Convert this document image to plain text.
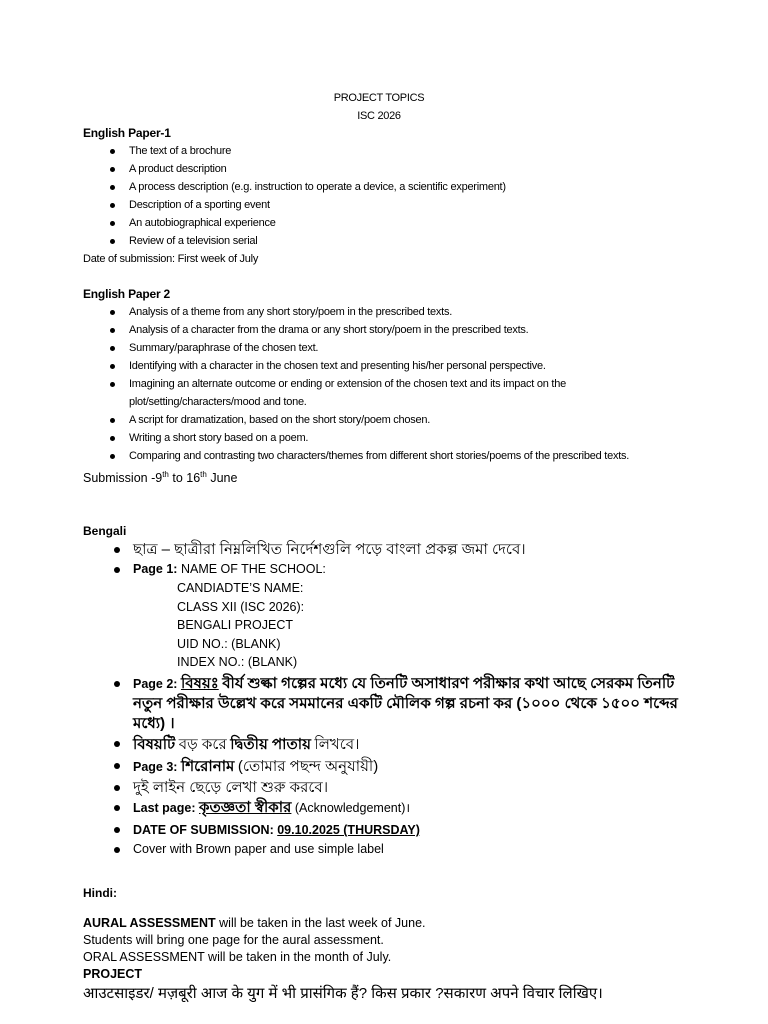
PROJECT TOPICS
ISC 2026
English Paper-1
The text of a brochure
A product description
A process description (e.g. instruction to operate a device, a scientific experiment)
Description of a sporting event
An autobiographical experience
Review of a television serial
Date of submission: First week of July
English Paper 2
Analysis of a theme from any short story/poem in the prescribed texts.
Analysis of a character from the drama or any short story/poem in the prescribed texts.
Summary/paraphrase of the chosen text.
Identifying with a character in the chosen text and presenting his/her personal perspective.
Imagining an alternate outcome or ending or extension of the chosen text and its impact on the plot/setting/characters/mood and tone.
A script for dramatization, based on the short story/poem chosen.
Writing a short story based on a poem.
Comparing and contrasting two characters/themes from different short stories/poems of the prescribed texts.
Submission -9th to 16th June
Bengali
ছাত্র – ছাত্রীরা নিম্নলিখিত নির্দেশগুলি পড়ে বাংলা প্রকল্প জমা দেবে।
Page 1: NAME OF THE SCHOOL:
CANDIADTE’S NAME:
CLASS XII (ISC 2026):
BENGALI PROJECT
UID NO.: (BLANK)
INDEX NO.: (BLANK)
Page 2: বিষয়ঃ বীর্য শুল্কা গল্পের মধ্যে যে তিনটি অসাধারণ পরীক্ষার কথা আছে সেরকম তিনটি নতুন পরীক্ষার উল্লেখ করে সমমানের একটি মৌলিক গল্প রচনা কর (১০০০ থেকে ১৫০০ শব্দের মধ্যে) ।
বিষয়টি বড় করে দ্বিতীয় পাতায় লিখবে।
Page 3: শিরোনাম (তোমার পছন্দ অনুযায়ী)
দুই লাইন ছেড়ে লেখা শুরু করবে।
Last page: কৃতজ্ঞতা স্বীকার (Acknowledgement)।
DATE OF SUBMISSION: 09.10.2025 (THURSDAY)
Cover with Brown paper and use simple label
Hindi:
AURAL ASSESSMENT will be taken in the last week of June.
Students will bring one page for the aural assessment.
ORAL ASSESSMENT will be taken in the month of July.
PROJECT
आउटसाइडर/ मज़बूरी आज के युग में भी प्रासंगिक हैं? किस प्रकार ?सकारण अपने विचार लिखिए।
